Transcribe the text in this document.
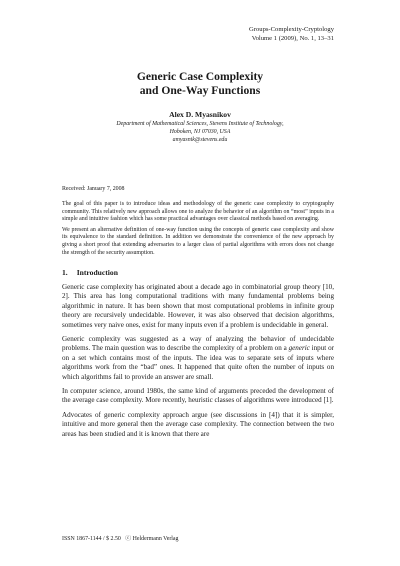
Groups-Complexity-Cryptology
Volume 1 (2009), No. 1, 13–31
Generic Case Complexity
and One-Way Functions
Alex D. Myasnikov
Department of Mathematical Sciences, Stevens Institute of Technology,
Hoboken, NJ 07030, USA
amyasnik@stevens.edu
Received: January 7, 2008

The goal of this paper is to introduce ideas and methodology of the generic case complexity to cryptography community. This relatively new approach allows one to analyze the behavior of an algorithm on “most” inputs in a simple and intuitive fashion which has some practical advantages over classical methods based on averaging.

We present an alternative definition of one-way function using the concepts of generic case complexity and show its equivalence to the standard definition. In addition we demonstrate the convenience of the new approach by giving a short proof that extending adversaries to a larger class of partial algorithms with errors does not change the strength of the security assumption.

1. Introduction

Generic case complexity has originated about a decade ago in combinatorial group theory [10, 2]. This area has long computational traditions with many fundamental problems being algorithmic in nature. It has been shown that most computational problems in infinite group theory are recursively undecidable. However, it was also observed that decision algorithms, sometimes very naive ones, exist for many inputs even if a problem is undecidable in general.

Generic complexity was suggested as a way of analyzing the behavior of undecidable problems. The main question was to describe the complexity of a problem on a generic input or on a set which contains most of the inputs. The idea was to separate sets of inputs where algorithms work from the “bad” ones. It happened that quite often the number of inputs on which algorithms fail to provide an answer are small.

In computer science, around 1980s, the same kind of arguments preceded the development of the average case complexity. More recently, heuristic classes of algorithms were introduced [1].

Advocates of generic complexity approach argue (see discussions in [4]) that it is simpler, intuitive and more general then the average case complexity. The connection between the two areas has been studied and it is known that there are

ISSN 1867-1144 / $ 2.50 ⓒ Heldermann Verlag
